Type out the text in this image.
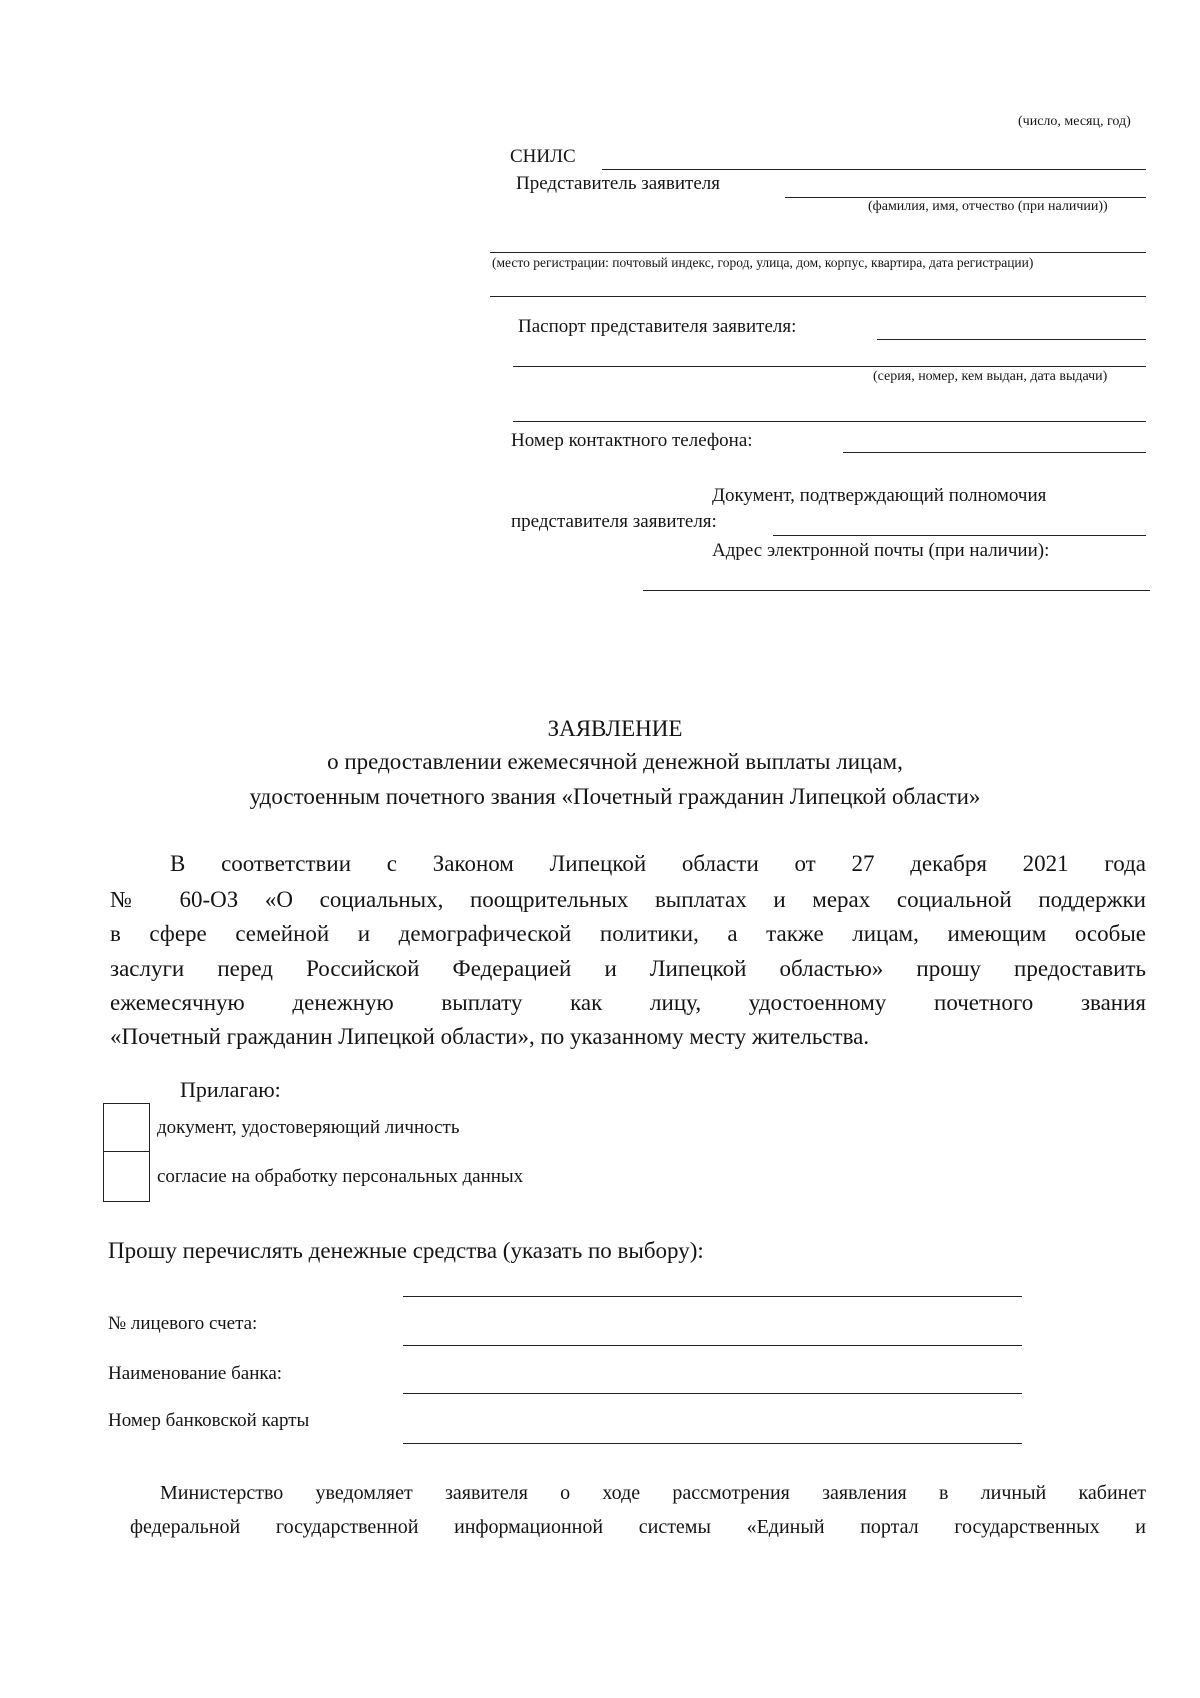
(число, месяц, год)
СНИЛС
Представитель заявителя
(фамилия, имя, отчество (при наличии))
(место регистрации: почтовый индекс, город, улица, дом, корпус, квартира, дата регистрации)
Паспорт представителя заявителя:
(серия, номер, кем выдан, дата выдачи)
Номер контактного телефона:
Документ, подтверждающий полномочия
представителя заявителя:
Адрес электронной почты (при наличии):
ЗАЯВЛЕНИЕ
о предоставлении ежемесячной денежной выплаты лицам,
удостоенным почетного звания «Почетный гражданин Липецкой области»
В соответствии с Законом Липецкой области от 27 декабря 2021 года
№ 60-ОЗ «О социальных, поощрительных выплатах и мерах социальной поддержки
в сфере семейной и демографической политики, а также лицам, имеющим особые
заслуги перед Российской Федерацией и Липецкой областью» прошу предоставить
ежемесячную денежную выплату как лицу, удостоенному почетного звания
«Почетный гражданин Липецкой области», по указанному месту жительства.
Прилагаю:
документ, удостоверяющий личность
согласие на обработку персональных данных
Прошу перечислять денежные средства (указать по выбору):
№ лицевого счета:
Наименование банка:
Номер банковской карты
Министерство уведомляет заявителя о ходе рассмотрения заявления в личный кабинет
федеральной государственной информационной системы «Единый портал государственных и
